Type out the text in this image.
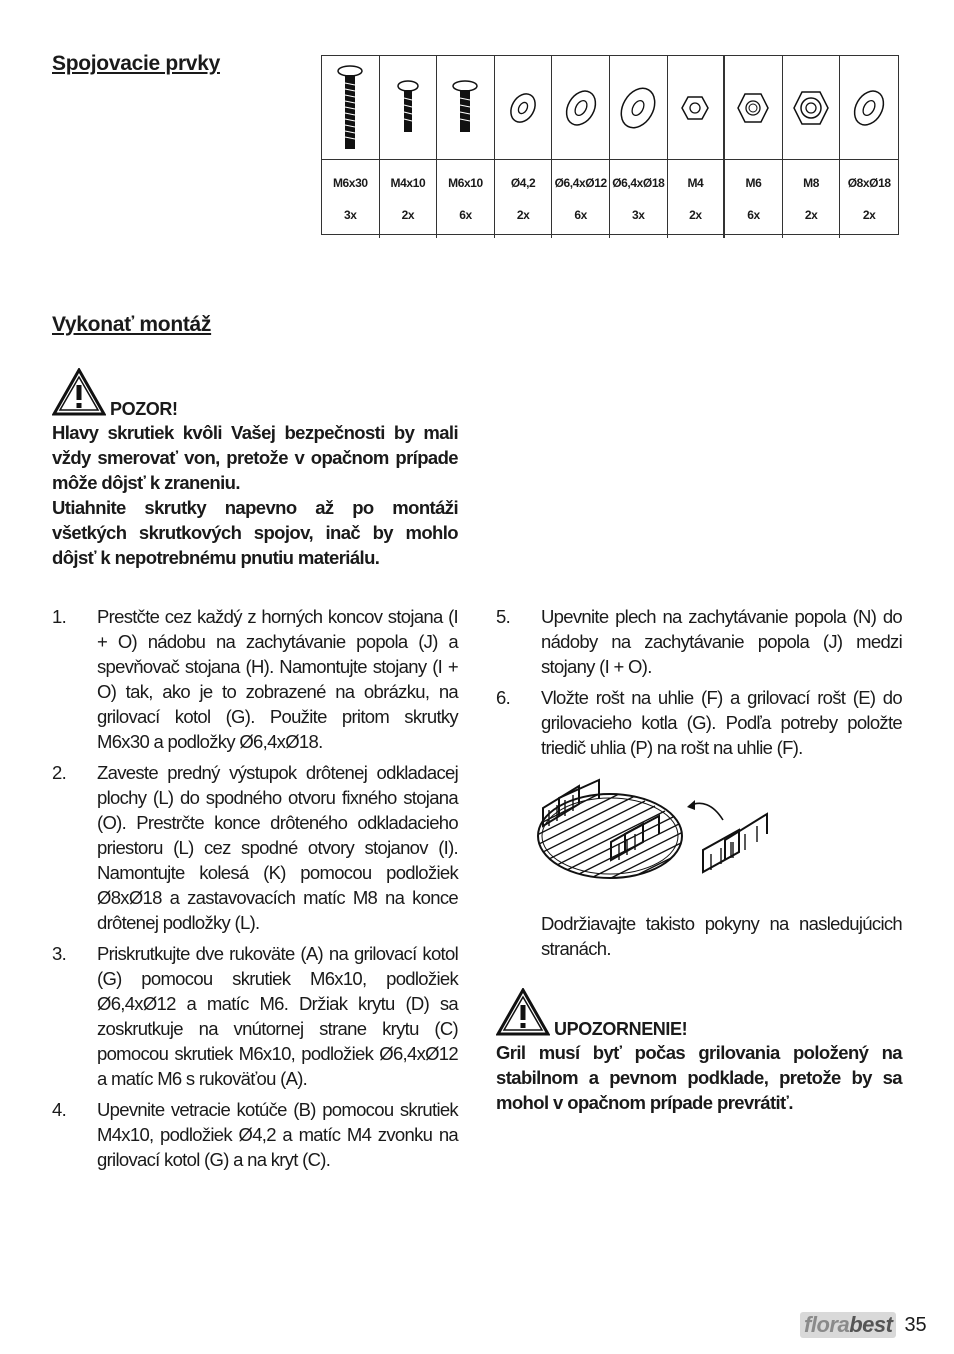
Spojovacie prvky
M6x30
3x
M4x10
2x
M6x10
6x
Ø4,2
2x
Ø6,4xØ12
6x
Ø6,4xØ18
3x
M4
2x
M6
6x
M8
2x
Ø8xØ18
2x
Vykonať montáž
POZOR!
Hlavy skrutiek kvôli Vašej bezpečnosti by mali vždy smerovať von, pretože v opačnom prípade môže dôjsť k zraneniu.
Utiahnite skrutky napevno až po montáži všetkých skrutkových spojov, inač by mohlo dôjsť k nepotrebnému pnutiu materiálu.
1. Prestčte cez každý z horných koncov stojana (I + O) nádobu na zachytávanie popola (J) a spevňovač stojana (H). Namontujte stojany (I + O) tak, ako je to zobrazené na obrázku, na grilovací kotol (G). Použite pritom skrutky M6x30 a podložky Ø6,4xØ18.
2. Zaveste predný výstupok drôtenej odkladacej plochy (L) do spodného otvoru fixného stojana (O). Prestrčte konce drôteného odkladacieho priestoru (L) cez spodné otvory stojanov (I). Namontujte kolesá (K) pomocou podložiek Ø8xØ18 a zastavovacích matíc M8 na konce drôtenej podložky (L).
3. Priskrutkujte dve rukoväte (A) na grilovací kotol (G) pomocou skrutiek M6x10, podložiek Ø6,4xØ12 a matíc M6. Držiak krytu (D) sa zoskrutkuje na vnútornej strane krytu (C) pomocou skrutiek M6x10, podložiek Ø6,4xØ12 a matíc M6 s rukoväťou (A).
4. Upevnite vetracie kotúče (B) pomocou skrutiek M4x10, podložiek Ø4,2 a matíc M4 zvonku na grilovací kotol (G) a na kryt (C).
5. Upevnite plech na zachytávanie popola (N) do nádoby na zachytávanie popola (J) medzi stojany (I + O).
6. Vložte rošt na uhlie (F) a grilovací rošt (E) do grilovacieho kotla (G). Podľa potreby položte triedič uhlia (P) na rošt na uhlie (F).
Dodržiavajte takisto pokyny na nasledujúcich stranách.
UPOZORNENIE!
Gril musí byť počas grilovania položený na stabilnom a pevnom podklade, pretože by sa mohol v opačnom prípade prevrátiť.
florabest 35
